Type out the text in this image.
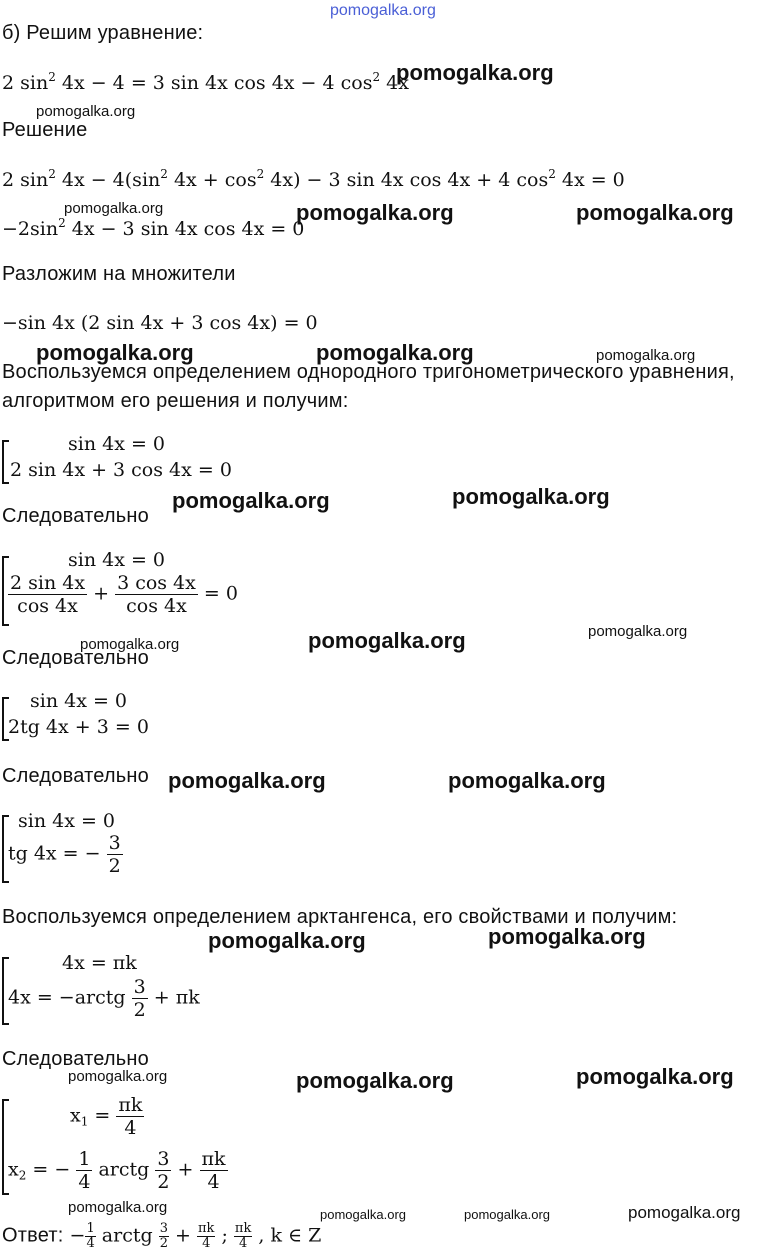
pomogalka.org
б) Решим уравнение:
2 $\sin^2 4x - 4 = 3$ sin 4x cos 4x − 4 $\cos^2 4x$
Решение
2 $\sin^2 4x - 4(\sin^2$ $4x + \cos^2 4x) - 3$ sin 4x cos 4x + 4 $\cos^2 4x = 0$
$-2\sin^2$ 4x − 3 sin 4x cos 4x = 0
Разложим на множители
−sin 4x (2 sin 4x + 3 cos 4x) = 0
Воспользуемся определением однородного тригонометрического уравнения,
алгоритмом его решения и получим:
sin 4x = 0
2 sin 4x + 3 cos 4x = 0
Следовательно
sin 4x = 0
$\frac{2 \sin 4x}{\cos 4x} + \frac{3 \cos 4x}{\cos 4x} = 0$
Следовательно
sin 4x = 0
2tg 4x + 3 = 0
Следовательно
sin 4x = 0
tg 4x = − $\frac{3}{2}$
Воспользуемся определением арктангенса, его свойствами и получим:
4x = πk
4x = −arctg $\frac{3}{2} + \pi k$
Следовательно
$x_1 = \frac{\pi k}{4}$
$x_2$ = − $\frac{1}{4}$ arctg $\frac{3}{2} + \frac{\pi k}{4}$
Ответ: − $\frac{1}{4}$ arctg $\frac{3}{2} + \frac{\pi k}{4}$ ; $\frac{\pi k}{4}$ , k ∈ Z
pomogalka.org
pomogalka.org	pomogalka.org
pomogalka.org	pomogalka.org
pomogalka.org	pomogalka.org
pomogalka.org
pomogalka.org	pomogalka.org
pomogalka.org	pomogalka.org
pomogalka.org	pomogalka.org
pomogalka.org
pomogalka.org
pomogalka.org
pomogalka.org
pomogalka.org
pomogalka.org
pomogalka.org	pomogalka.org	pomogalka.org	pomogalka.org
